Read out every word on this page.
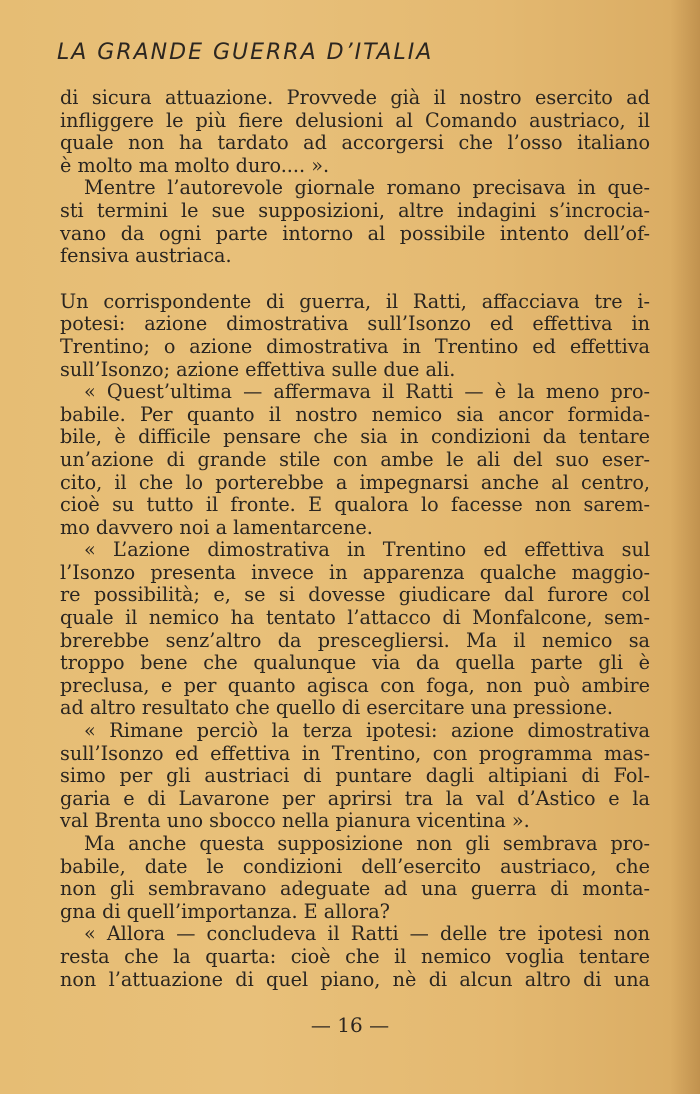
LA GRANDE GUERRA D’ITALIA
di sicura attuazione. Provvede già il nostro esercito ad
infliggere le più fiere delusioni al Comando austriaco, il
quale non ha tardato ad accorgersi che l’osso italiano
è molto ma molto duro.... ».
Mentre l’autorevole giornale romano precisava in que-
sti termini le sue supposizioni, altre indagini s’incrocia-
vano da ogni parte intorno al possibile intento dell’of-
fensiva austriaca.
Un corrispondente di guerra, il Ratti, affacciava tre i-
potesi: azione dimostrativa sull’Isonzo ed effettiva in
Trentino; o azione dimostrativa in Trentino ed effettiva
sull’Isonzo; azione effettiva sulle due ali.
« Quest’ultima — affermava il Ratti — è la meno pro-
babile. Per quanto il nostro nemico sia ancor formida-
bile, è difficile pensare che sia in condizioni da tentare
un’azione di grande stile con ambe le ali del suo eser-
cito, il che lo porterebbe a impegnarsi anche al centro,
cioè su tutto il fronte. E qualora lo facesse non sarem-
mo davvero noi a lamentarcene.
« L’azione dimostrativa in Trentino ed effettiva sul
l’Isonzo presenta invece in apparenza qualche maggio-
re possibilità; e, se si dovesse giudicare dal furore col
quale il nemico ha tentato l’attacco di Monfalcone, sem-
brerebbe senz’altro da prescegliersi. Ma il nemico sa
troppo bene che qualunque via da quella parte gli è
preclusa, e per quanto agisca con foga, non può ambire
ad altro resultato che quello di esercitare una pressione.
« Rimane perciò la terza ipotesi: azione dimostrativa
sull’Isonzo ed effettiva in Trentino, con programma mas-
simo per gli austriaci di puntare dagli altipiani di Fol-
garia e di Lavarone per aprirsi tra la val d’Astico e la
val Brenta uno sbocco nella pianura vicentina ».
Ma anche questa supposizione non gli sembrava pro-
babile, date le condizioni dell’esercito austriaco, che
non gli sembravano adeguate ad una guerra di monta-
gna di quell’importanza. E allora?
« Allora — concludeva il Ratti — delle tre ipotesi non
resta che la quarta: cioè che il nemico voglia tentare
non l’attuazione di quel piano, nè di alcun altro di una
— 16 —
